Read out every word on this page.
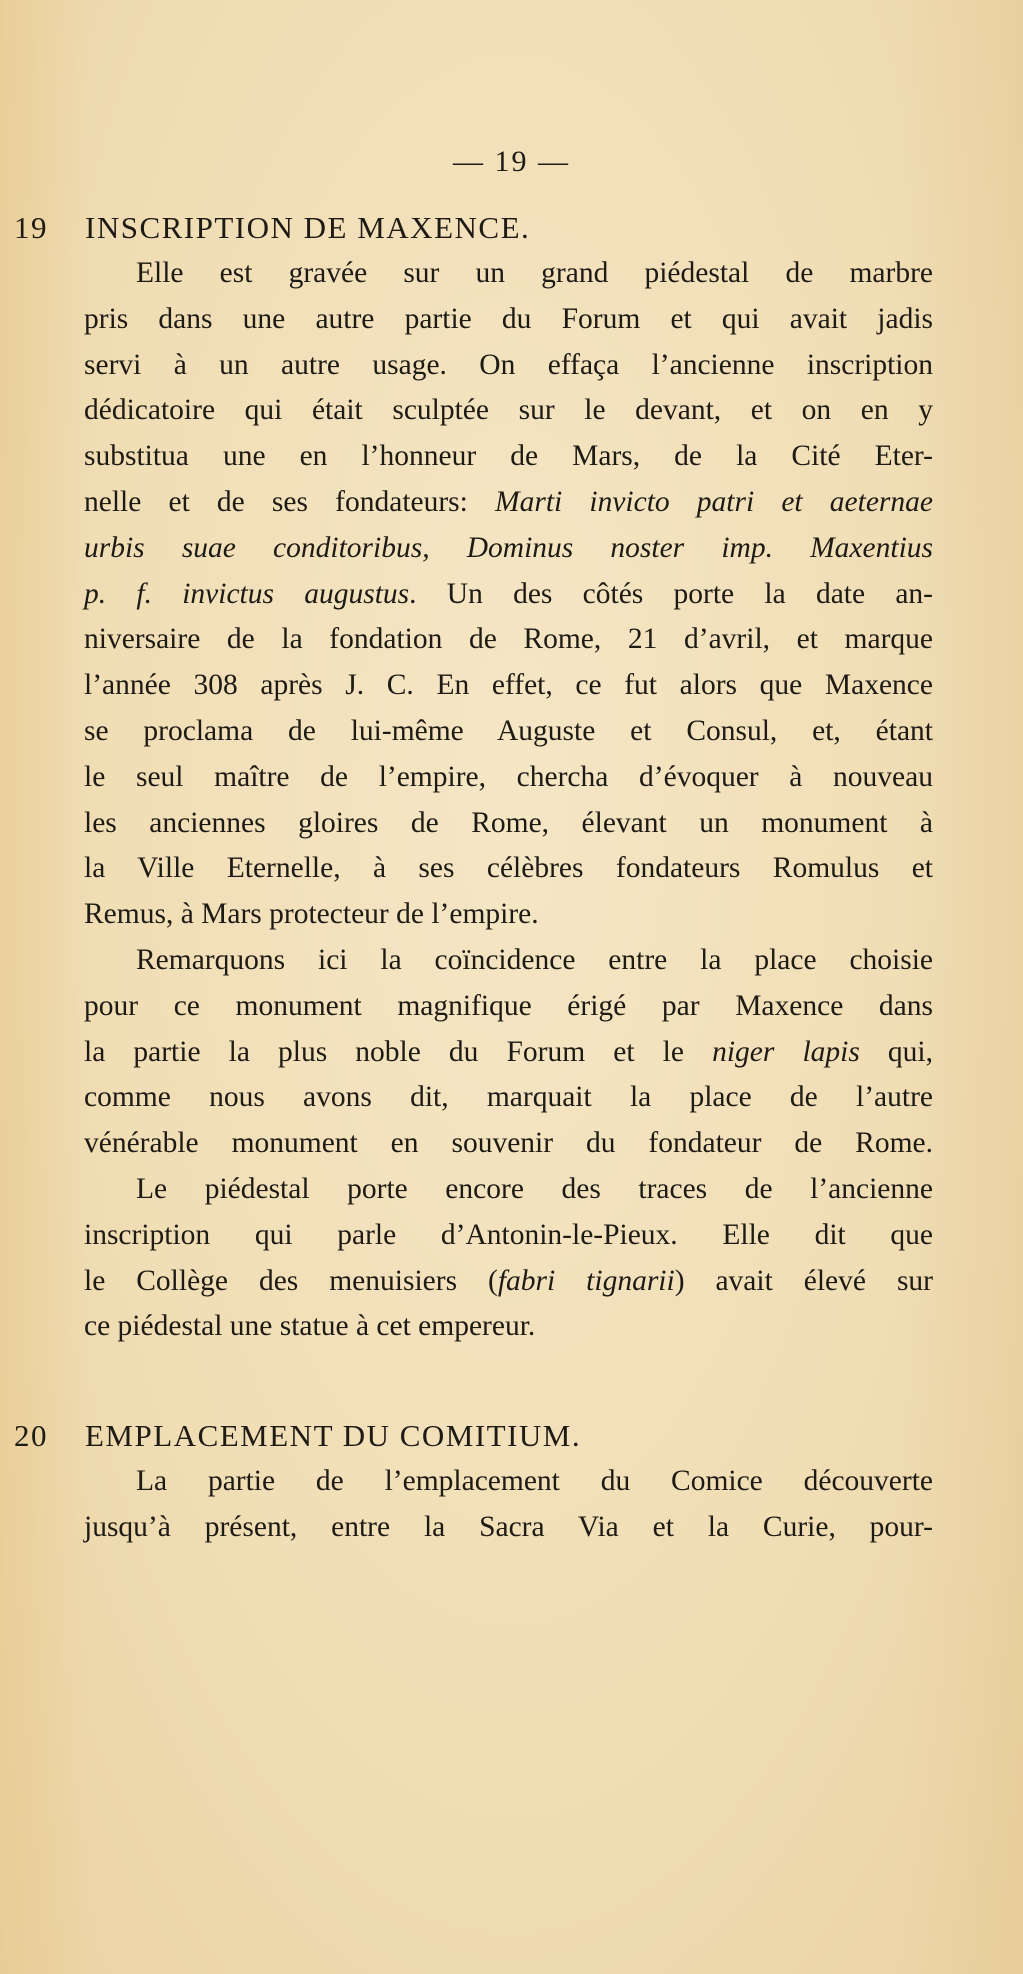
— 19 —
19 INSCRIPTION DE MAXENCE.

Elle est gravée sur un grand piédestal de marbre
pris dans une autre partie du Forum et qui avait jadis
servi à un autre usage. On effaça l’ancienne inscription
dédicatoire qui était sculptée sur le devant, et on en y
substitua une en l’honneur de Mars, de la Cité Eter-
nelle et de ses fondateurs: Marti invicto patri et aeternae
urbis suae conditoribus, Dominus noster imp. Maxentius
p. f. invictus augustus. Un des côtés porte la date an-
niversaire de la fondation de Rome, 21 d’avril, et marque
l’année 308 après J. C. En effet, ce fut alors que Maxence
se proclama de lui-même Auguste et Consul, et, étant
le seul maître de l’empire, chercha d’évoquer à nouveau
les anciennes gloires de Rome, élevant un monument à
la Ville Eternelle, à ses célèbres fondateurs Romulus et
Remus, à Mars protecteur de l’empire.

Remarquons ici la coïncidence entre la place choisie
pour ce monument magnifique érigé par Maxence dans
la partie la plus noble du Forum et le niger lapis qui,
comme nous avons dit, marquait la place de l’autre
vénérable monument en souvenir du fondateur de Rome.

Le piédestal porte encore des traces de l’ancienne
inscription qui parle d’Antonin-le-Pieux. Elle dit que
le Collège des menuisiers (fabri tignarii) avait élevé sur
ce piédestal une statue à cet empereur.

20 EMPLACEMENT DU COMITIUM.

La partie de l’emplacement du Comice découverte
jusqu’à présent, entre la Sacra Via et la Curie, pour-
